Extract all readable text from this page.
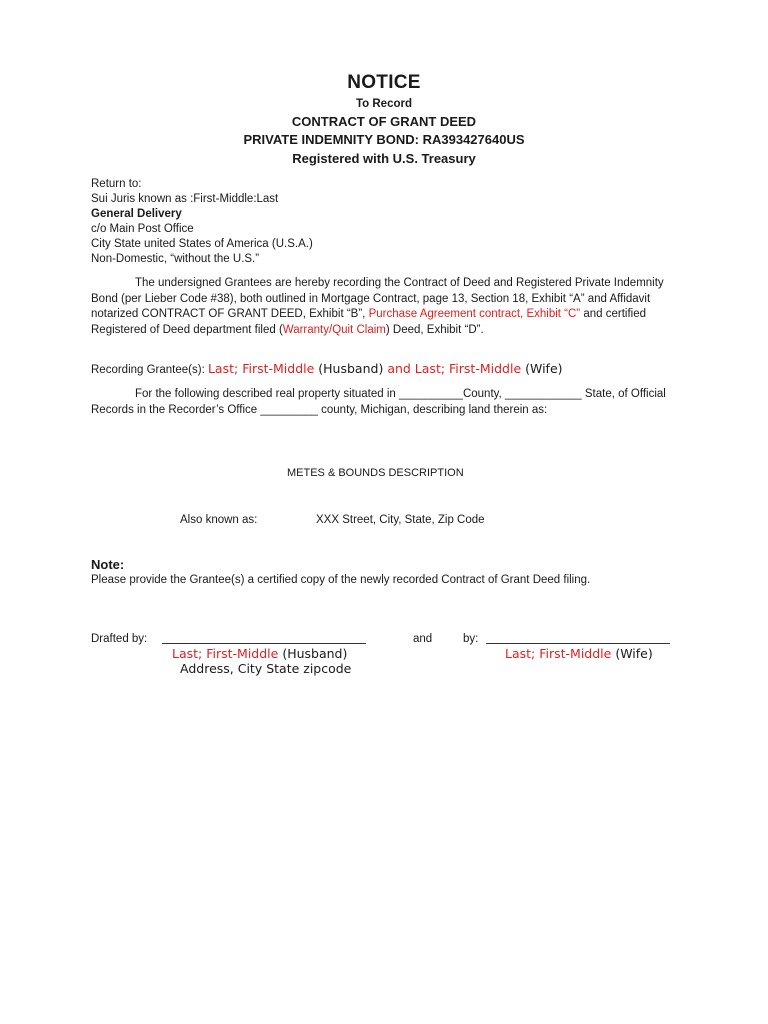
NOTICE
To Record
CONTRACT OF GRANT DEED
PRIVATE INDEMNITY BOND: RA393427640US
Registered with U.S. Treasury
Return to:
Sui Juris known as :First-Middle:Last
General Delivery
c/o Main Post Office
City State united States of America (U.S.A.)
Non-Domestic, “without the U.S.”
The undersigned Grantees are hereby recording the Contract of Deed and Registered Private Indemnity Bond (per Lieber Code #38), both outlined in Mortgage Contract, page 13, Section 18, Exhibit “A” and Affidavit notarized CONTRACT OF GRANT DEED, Exhibit “B”, Purchase Agreement contract, Exhibit “C” and certified Registered of Deed department filed (Warranty/Quit Claim) Deed, Exhibit “D”.
Recording Grantee(s): Last; First-Middle (Husband) and Last; First-Middle (Wife)
For the following described real property situated in __________County, ____________ State, of Official Records in the Recorder’s Office _________ county, Michigan, describing land therein as:
METES & BOUNDS DESCRIPTION
Also known as:	XXX Street, City, State, Zip Code
Note:
Please provide the Grantee(s) a certified copy of the newly recorded Contract of Grant Deed filing.
Drafted by:	and	by:
Last; First-Middle (Husband)
Address, City State zipcode
Last; First-Middle (Wife)
